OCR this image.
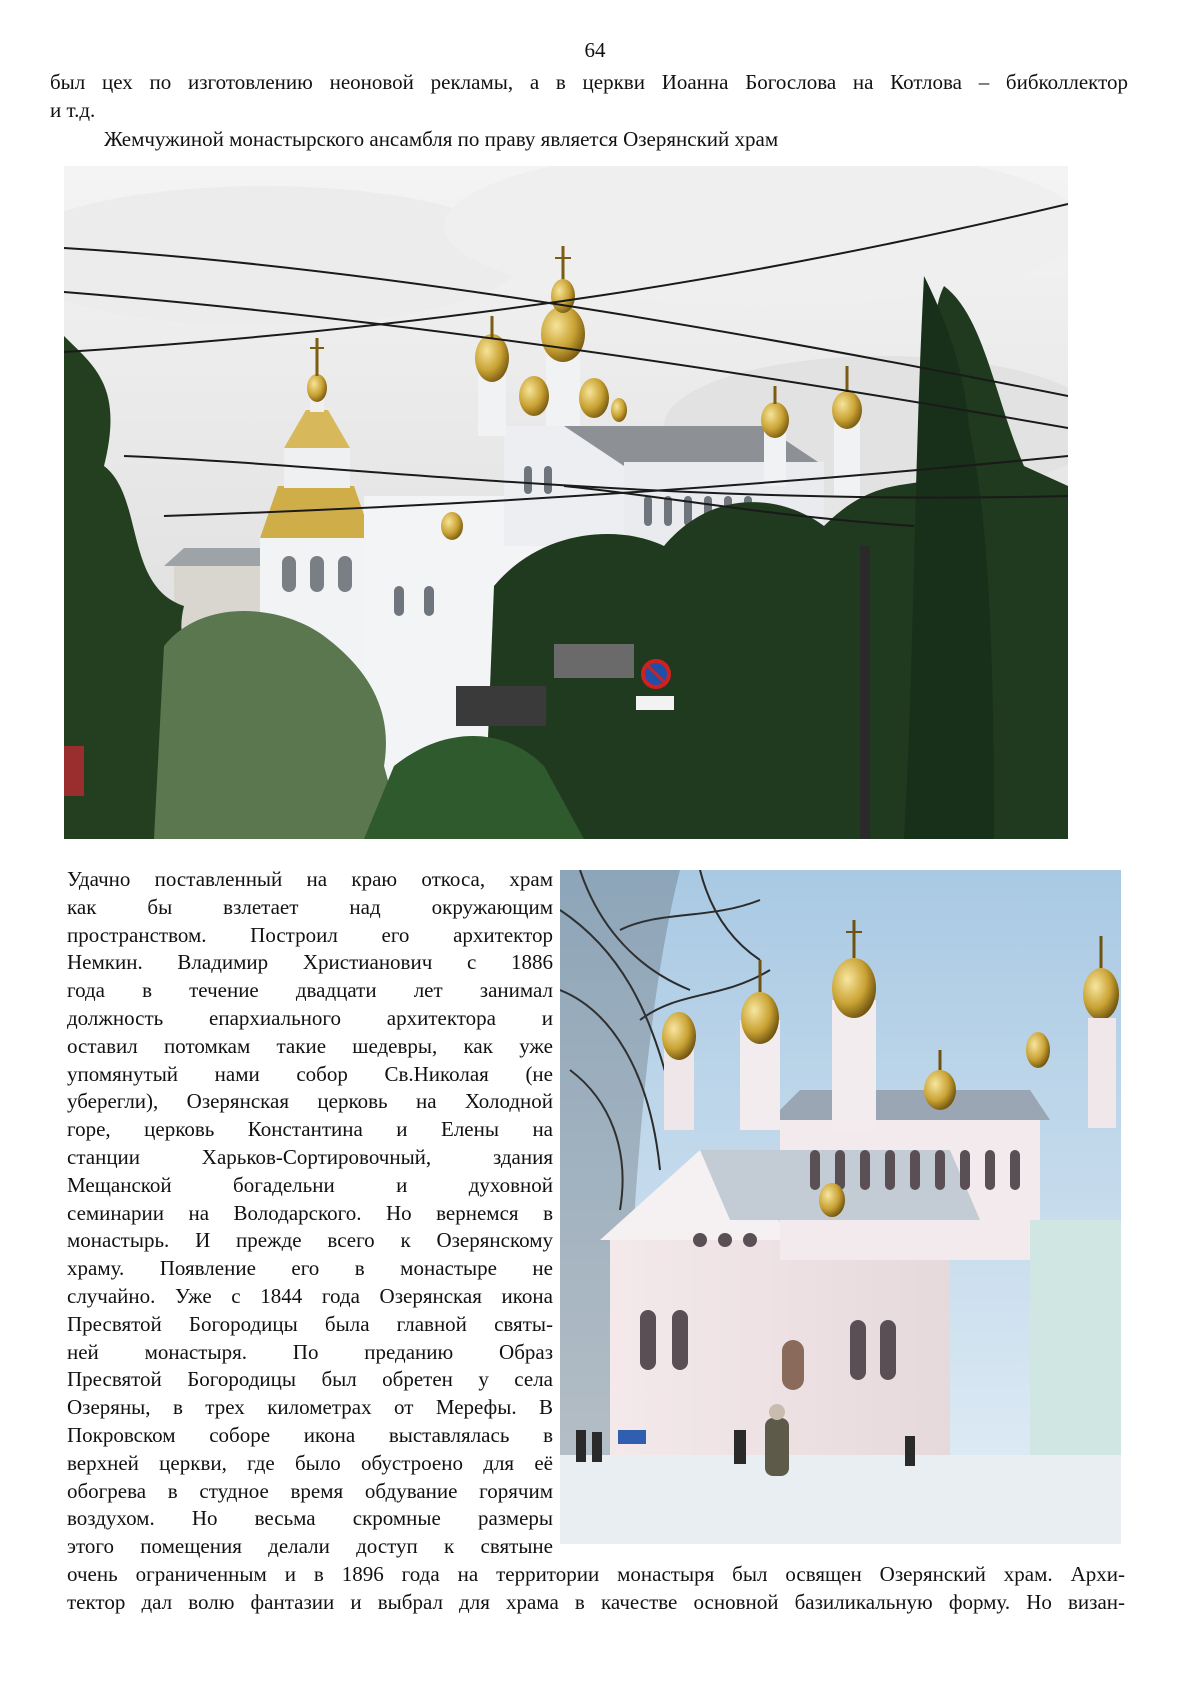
64
был цех по изготовлению неоновой рекламы, а в церкви Иоанна Богослова на Котлова – бибколлектор
и т.д.
Жемчужиной монастырского ансамбля по праву является Озерянский храм
Удачно поставленный на краю откоса, храм
как бы взлетает над окружающим
пространством. Построил его архитектор
Немкин. Владимир Христианович с 1886
года в течение двадцати лет занимал
должность епархиального архитектора и
оставил потомкам такие шедевры, как уже
упомянутый нами собор Св.Николая (не
уберегли), Озерянская церковь на Холодной
горе, церковь Константина и Елены на
станции Харьков-Сортировочный, здания
Мещанской богадельни и духовной
семинарии на Володарского. Но вернемся в
монастырь. И прежде всего к Озерянскому
храму. Появление его в монастыре не
случайно. Уже с 1844 года Озерянская икона
Пресвятой Богородицы была главной святы-
ней монастыря. По преданию Образ
Пресвятой Богородицы был обретен у села
Озеряны, в трех километрах от Мерефы. В
Покровском соборе икона выставлялась в
верхней церкви, где было обустроено для её
обогрева в студное время обдувание горячим
воздухом. Но весьма скромные размеры
этого помещения делали доступ к святыне
очень ограниченным и в 1896 года на территории монастыря был освящен Озерянский храм. Архи-
тектор дал волю фантазии и выбрал для храма в качестве основной базиликальную форму. Но визан-
